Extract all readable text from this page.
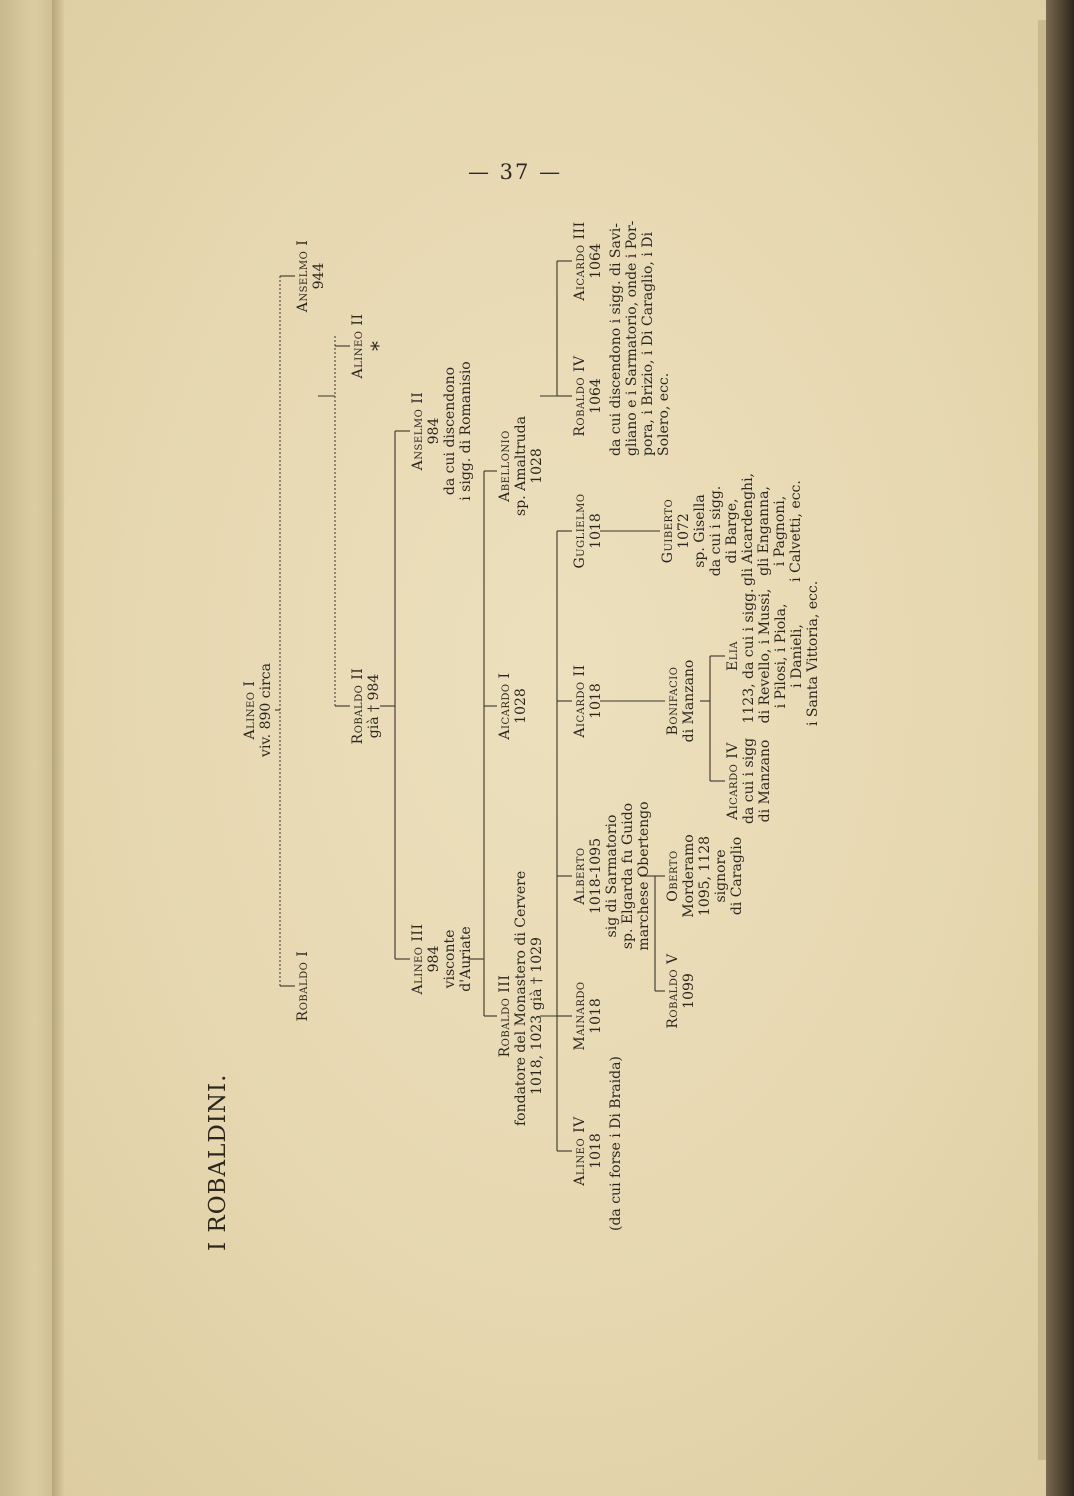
— 37 —
I ROBALDINI.
Alineo I viv. 890 circa
Robaldo I
Anselmo I 944
Robaldo II già † 984
Alineo II *
Alineo III 984 visconte d'Auriate
Anselmo II 984 da cui discendono i sigg. di Romanisio
Robaldo III fondatore del Monastero di Cervere 1018, 1023 già † 1029
Aicardo I 1028
Abellonio sp. Amaltruda 1028
Alineo IV 1018 (da cui forse i Di Braida)
Mainardo 1018
Alberto 1018-1095 sig di Sarmatorio sp. Elgarda fu Guido marchese Obertengo
Aicardo II 1018
Guglielmo 1018
Robaldo IV 1064
Aicardo III 1064 da cui discendono i sigg. di Savi- gliano e i Sarmatorio, onde i Por- pora, i Brizio, i Di Caraglio, i Di Solero, ecc.
Robaldo V 1099
Oberto Morderamo 1095, 1128 signore di Caraglio
Bonifacio di Manzano
Guiberto 1072 sp. Gisella da cui i sigg. di Barge, gli Aicardenghi, gli Enganna, i Pagnoni, i Calvetti, ecc.
Aicardo IV da cui i sigg di Manzano
Elia 1123, da cui i sigg. di Revello, i Mussi, i Pilosi, i Piola, i Danieli, i Santa Vittoria, ecc.
